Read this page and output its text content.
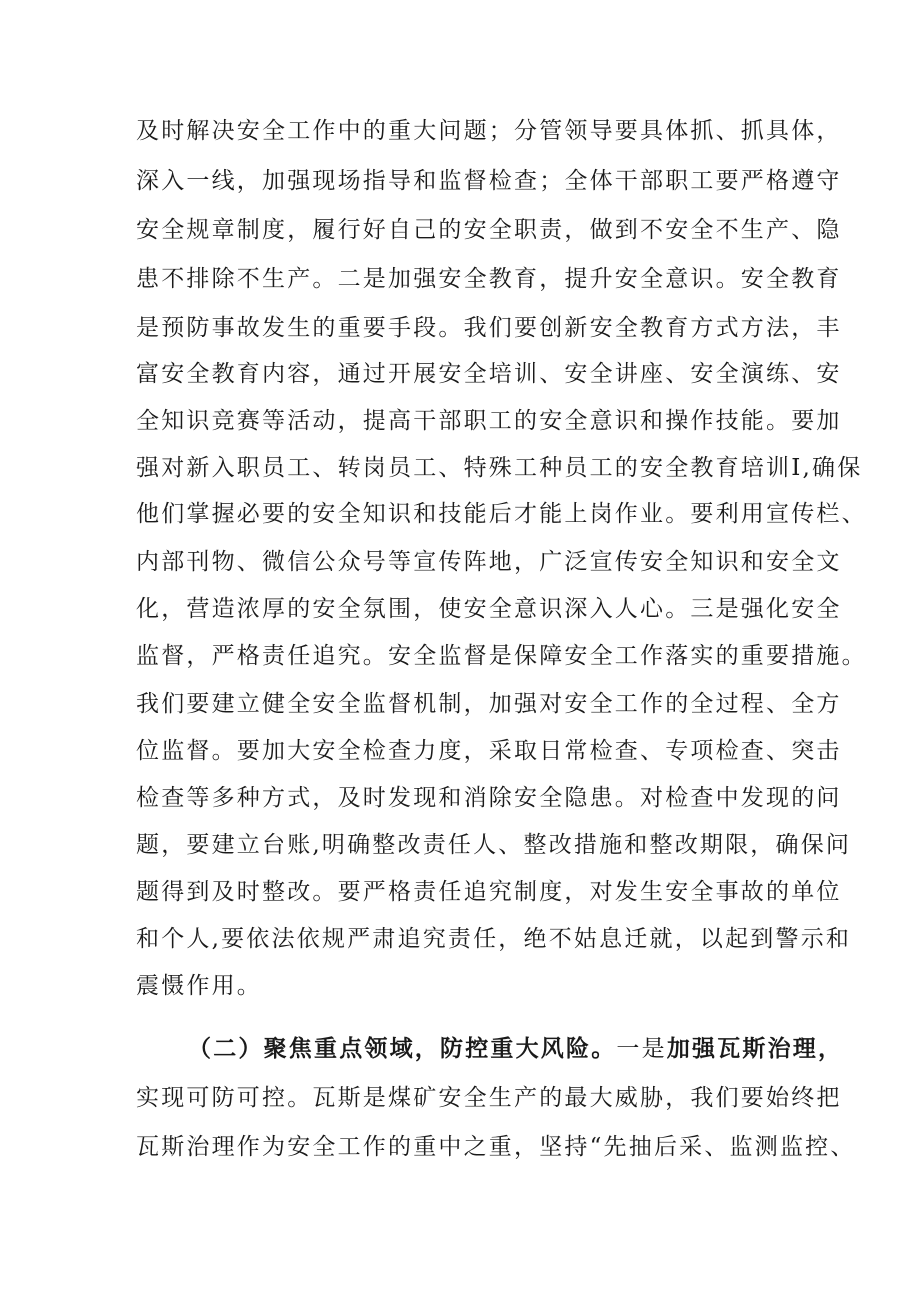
及时解决安全工作中的重大问题；分管领导要具体抓、抓具体，
深入一线，加强现场指导和监督检查；全体干部职工要严格遵守
安全规章制度，履行好自己的安全职责，做到不安全不生产、隐
患不排除不生产。二是加强安全教育，提升安全意识。安全教育
是预防事故发生的重要手段。我们要创新安全教育方式方法，丰
富安全教育内容，通过开展安全培训、安全讲座、安全演练、安
全知识竞赛等活动，提高干部职工的安全意识和操作技能。要加
强对新入职员工、转岗员工、特殊工种员工的安全教育培训I,确保
他们掌握必要的安全知识和技能后才能上岗作业。要利用宣传栏、
内部刊物、微信公众号等宣传阵地，广泛宣传安全知识和安全文
化，营造浓厚的安全氛围，使安全意识深入人心。三是强化安全
监督，严格责任追究。安全监督是保障安全工作落实的重要措施。
我们要建立健全安全监督机制，加强对安全工作的全过程、全方
位监督。要加大安全检查力度，采取日常检查、专项检查、突击
检查等多种方式，及时发现和消除安全隐患。对检查中发现的问
题，要建立台账,明确整改责任人、整改措施和整改期限，确保问
题得到及时整改。要严格责任追究制度，对发生安全事故的单位
和个人,要依法依规严肃追究责任，绝不姑息迁就，以起到警示和
震慑作用。
（二）聚焦重点领域，防控重大风险。一是加强瓦斯治理，
实现可防可控。瓦斯是煤矿安全生产的最大威胁，我们要始终把
瓦斯治理作为安全工作的重中之重，坚持“先抽后采、监测监控、
